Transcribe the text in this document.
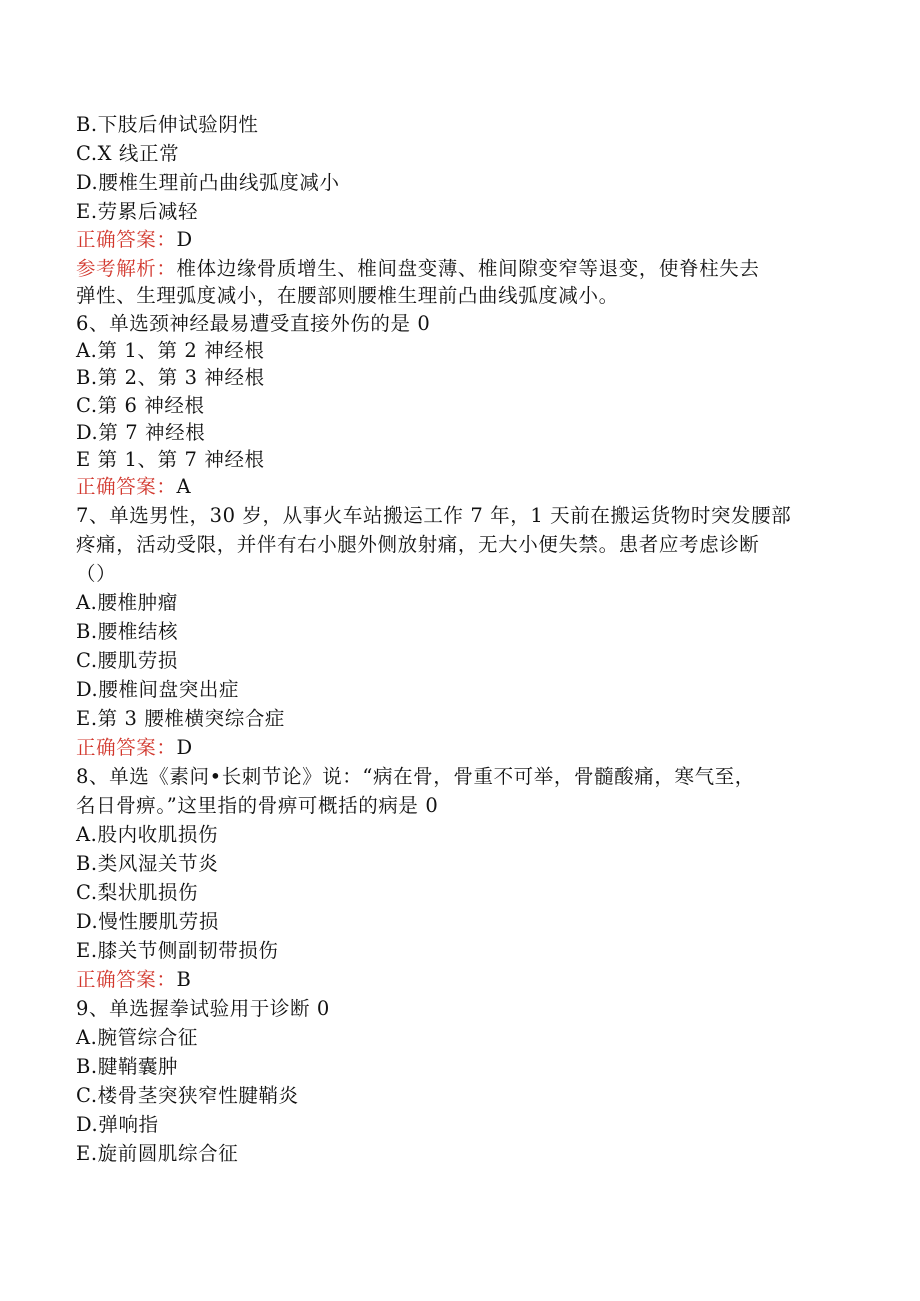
B.下肢后伸试验阴性
C.X 线正常
D.腰椎生理前凸曲线弧度减小
E.劳累后减轻
正确答案：D
参考解析：椎体边缘骨质增生、椎间盘变薄、椎间隙变窄等退变，使脊柱失去
弹性、生理弧度减小，在腰部则腰椎生理前凸曲线弧度减小。
6、单选颈神经最易遭受直接外伤的是 0
A.第 1、第 2 神经根
B.第 2、第 3 神经根
C.第 6 神经根
D.第 7 神经根
E 第 1、第 7 神经根
正确答案：A
7、单选男性，30 岁，从事火车站搬运工作 7 年，1 天前在搬运货物时突发腰部
疼痛，活动受限，并伴有右小腿外侧放射痛，无大小便失禁。患者应考虑诊断
（）
A.腰椎肿瘤
B.腰椎结核
C.腰肌劳损
D.腰椎间盘突出症
E.第 3 腰椎横突综合症
正确答案：D
8、单选《素问•长刺节论》说：“病在骨，骨重不可举，骨髓酸痛，寒气至，
名日骨痹。”这里指的骨痹可概括的病是 0
A.股内收肌损伤
B.类风湿关节炎
C.梨状肌损伤
D.慢性腰肌劳损
E.膝关节侧副韧带损伤
正确答案：B
9、单选握拳试验用于诊断 0
A.腕管综合征
B.腱鞘囊肿
C.楼骨茎突狭窄性腱鞘炎
D.弹响指
E.旋前圆肌综合征
